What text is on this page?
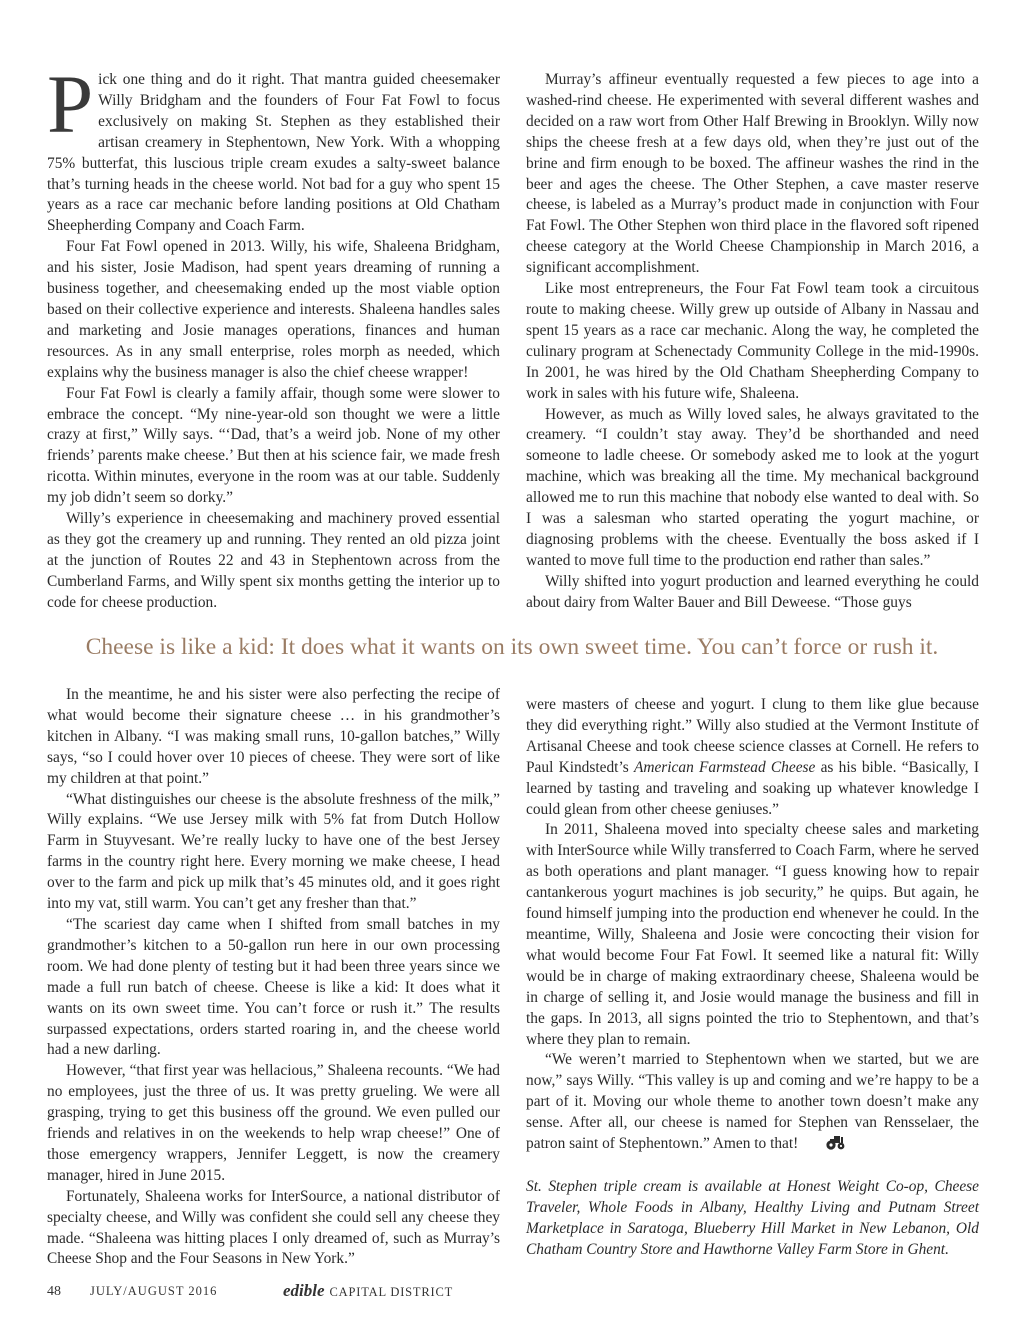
Pick one thing and do it right. That mantra guided cheesemaker Willy Bridgham and the founders of Four Fat Fowl to focus exclusively on making St. Stephen as they established their artisan creamery in Stephentown, New York. With a whopping 75% butterfat, this luscious triple cream exudes a salty-sweet balance that’s turning heads in the cheese world. Not bad for a guy who spent 15 years as a race car mechanic before landing positions at Old Chatham Sheepherding Company and Coach Farm.

Four Fat Fowl opened in 2013. Willy, his wife, Shaleena Bridgham, and his sister, Josie Madison, had spent years dreaming of running a business together, and cheesemaking ended up the most viable option based on their collective experience and interests. Shaleena handles sales and marketing and Josie manages operations, finances and human resources. As in any small enterprise, roles morph as needed, which explains why the business manager is also the chief cheese wrapper!

Four Fat Fowl is clearly a family affair, though some were slower to embrace the concept. “My nine-year-old son thought we were a little crazy at first,” Willy says. “‘Dad, that’s a weird job. None of my other friends’ parents make cheese.’ But then at his science fair, we made fresh ricotta. Within minutes, everyone in the room was at our table. Suddenly my job didn’t seem so dorky.”

Willy’s experience in cheesemaking and machinery proved essential as they got the creamery up and running. They rented an old pizza joint at the junction of Routes 22 and 43 in Stephentown across from the Cumberland Farms, and Willy spent six months getting the interior up to code for cheese production.

Murray’s affineur eventually requested a few pieces to age into a washed-rind cheese. He experimented with several different washes and decided on a raw wort from Other Half Brewing in Brooklyn. Willy now ships the cheese fresh at a few days old, when they’re just out of the brine and firm enough to be boxed. The affineur washes the rind in the beer and ages the cheese. The Other Stephen, a cave master reserve cheese, is labeled as a Murray’s product made in conjunction with Four Fat Fowl. The Other Stephen won third place in the flavored soft ripened cheese category at the World Cheese Championship in March 2016, a significant accomplishment.

Like most entrepreneurs, the Four Fat Fowl team took a circuitous route to making cheese. Willy grew up outside of Albany in Nassau and spent 15 years as a race car mechanic. Along the way, he completed the culinary program at Schenectady Community College in the mid-1990s. In 2001, he was hired by the Old Chatham Sheepherding Company to work in sales with his future wife, Shaleena.

However, as much as Willy loved sales, he always gravitated to the creamery. “I couldn’t stay away. They’d be shorthanded and need someone to ladle cheese. Or somebody asked me to look at the yogurt machine, which was breaking all the time. My mechanical background allowed me to run this machine that nobody else wanted to deal with. So I was a salesman who started operating the yogurt machine, or diagnosing problems with the cheese. Eventually the boss asked if I wanted to move full time to the production end rather than sales.”

Willy shifted into yogurt production and learned everything he could about dairy from Walter Bauer and Bill Deweese. “Those guys

Cheese is like a kid: It does what it wants on its own sweet time. You can’t force or rush it.

In the meantime, he and his sister were also perfecting the recipe of what would become their signature cheese … in his grandmother’s kitchen in Albany. “I was making small runs, 10-gallon batches,” Willy says, “so I could hover over 10 pieces of cheese. They were sort of like my children at that point.”

“What distinguishes our cheese is the absolute freshness of the milk,” Willy explains. “We use Jersey milk with 5% fat from Dutch Hollow Farm in Stuyvesant. We’re really lucky to have one of the best Jersey farms in the country right here. Every morning we make cheese, I head over to the farm and pick up milk that’s 45 minutes old, and it goes right into my vat, still warm. You can’t get any fresher than that.”

“The scariest day came when I shifted from small batches in my grandmother’s kitchen to a 50-gallon run here in our own processing room. We had done plenty of testing but it had been three years since we made a full run batch of cheese. Cheese is like a kid: It does what it wants on its own sweet time. You can’t force or rush it.” The results surpassed expectations, orders started roaring in, and the cheese world had a new darling.

However, “that first year was hellacious,” Shaleena recounts. “We had no employees, just the three of us. It was pretty grueling. We were all grasping, trying to get this business off the ground. We even pulled our friends and relatives in on the weekends to help wrap cheese!” One of those emergency wrappers, Jennifer Leggett, is now the creamery manager, hired in June 2015.

Fortunately, Shaleena works for InterSource, a national distributor of specialty cheese, and Willy was confident she could sell any cheese they made. “Shaleena was hitting places I only dreamed of, such as Murray’s Cheese Shop and the Four Seasons in New York.”

were masters of cheese and yogurt. I clung to them like glue because they did everything right.” Willy also studied at the Vermont Institute of Artisanal Cheese and took cheese science classes at Cornell. He refers to Paul Kindstedt’s American Farmstead Cheese as his bible. “Basically, I learned by tasting and traveling and soaking up whatever knowledge I could glean from other cheese geniuses.”

In 2011, Shaleena moved into specialty cheese sales and marketing with InterSource while Willy transferred to Coach Farm, where he served as both operations and plant manager. “I guess knowing how to repair cantankerous yogurt machines is job security,” he quips. But again, he found himself jumping into the production end whenever he could. In the meantime, Willy, Shaleena and Josie were concocting their vision for what would become Four Fat Fowl. It seemed like a natural fit: Willy would be in charge of making extraordinary cheese, Shaleena would be in charge of selling it, and Josie would manage the business and fill in the gaps. In 2013, all signs pointed the trio to Stephentown, and that’s where they plan to remain.

“We weren’t married to Stephentown when we started, but we are now,” says Willy. “This valley is up and coming and we’re happy to be a part of it. Moving our whole theme to another town doesn’t make any sense. After all, our cheese is named for Stephen van Rensselaer, the patron saint of Stephentown.” Amen to that!

St. Stephen triple cream is available at Honest Weight Co-op, Cheese Traveler, Whole Foods in Albany, Healthy Living and Putnam Street Marketplace in Saratoga, Blueberry Hill Market in New Lebanon, Old Chatham Country Store and Hawthorne Valley Farm Store in Ghent.

48 JULY/AUGUST 2016	edible CAPITAL DISTRICT
